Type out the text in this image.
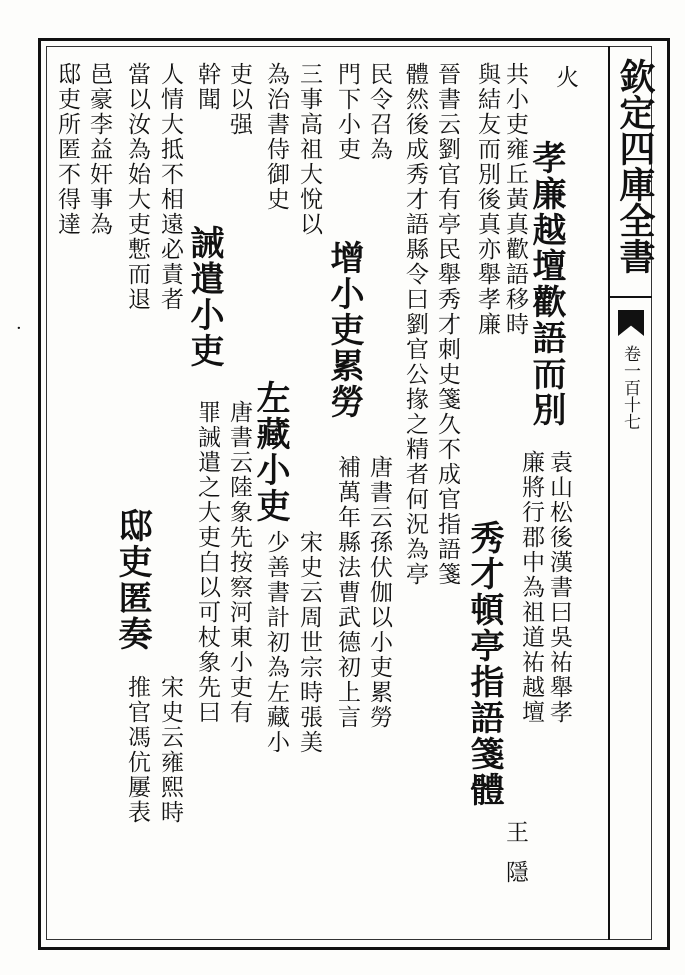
欽定四庫全書
卷一百十七
·
火
孝廉越壇歡語而別
袁山松後漢書曰吳祐舉孝
廉將行郡中為祖道祐越壇
共小吏雍丘黃真歡語移時
與結友而別後真亦舉孝廉
秀才頓亭指語箋體
王
隱
晉書云劉官有亭民舉秀才刺史箋久不成官指語箋
體然後成秀才語縣令曰劉官公掾之精者何況為亭
民令召為
增小吏累勞
唐書云孫伏伽以小吏累勞
門下小吏
補萬年縣法曹武德初上言
三事高祖大悅以
為治書侍御史
左藏小吏
宋史云周世宗時張美
少善書計初為左藏小
吏以强
誡遣小吏
幹聞
唐書云陸象先按察河東小吏有
罪誡遣之大吏白以可杖象先曰
人情大抵不相遠必責者
當以汝為始大吏慙而退
邸吏匿奏
宋史云雍熙時
推官馮伉屢表
邑豪李益奸事為
邸吏所匿不得達
